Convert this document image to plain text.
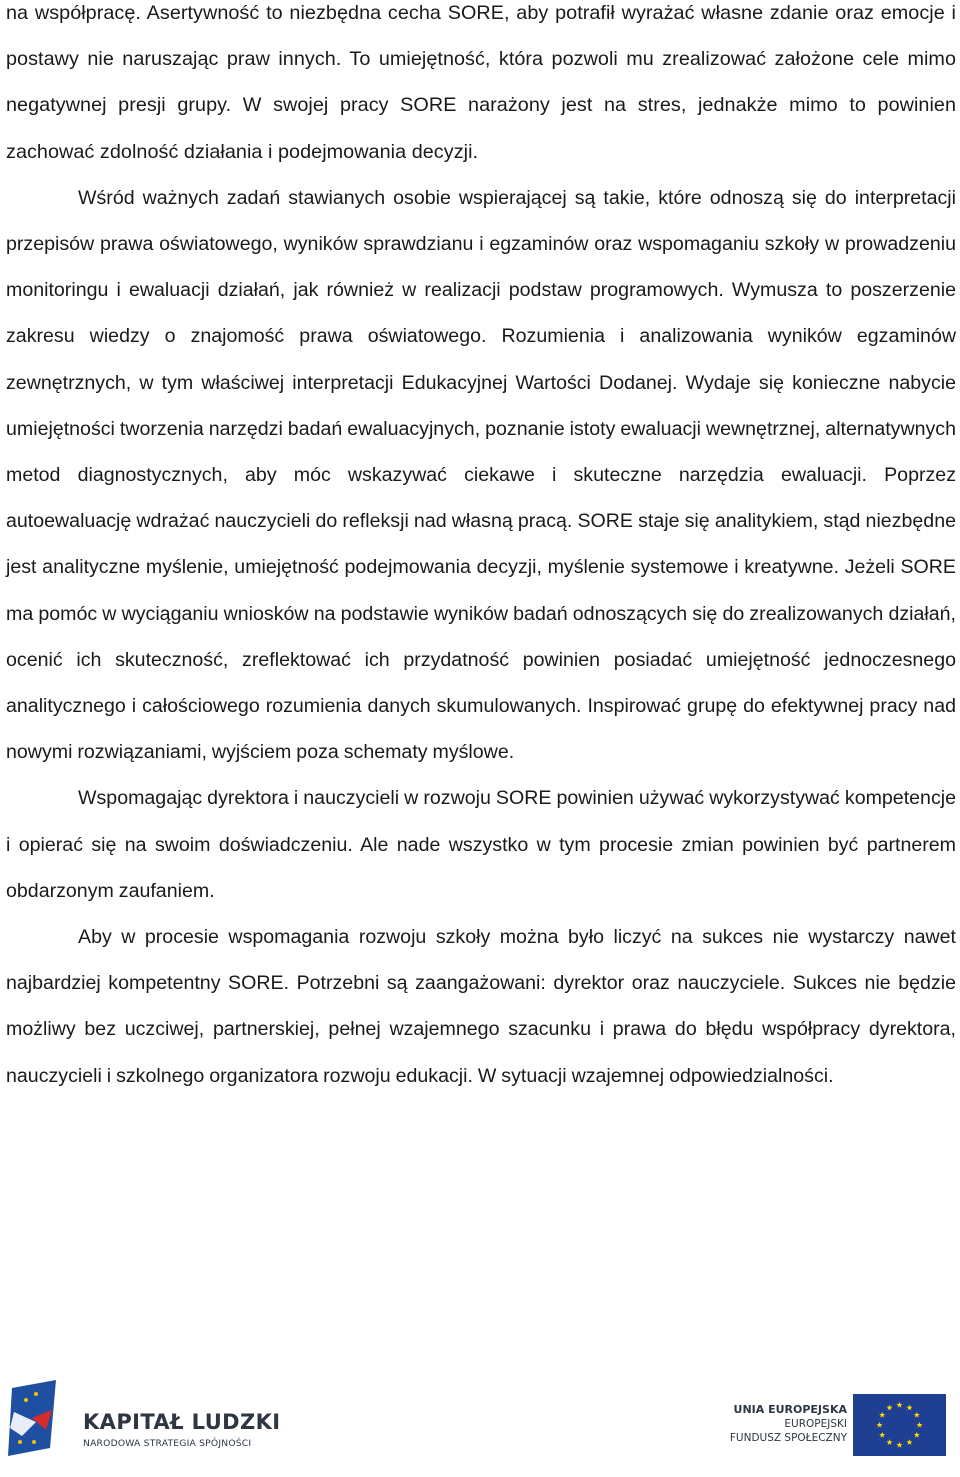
na współpracę. Asertywność to niezbędna cecha SORE, aby potrafił wyrażać własne zdanie oraz emocje i postawy nie naruszając praw innych. To umiejętność, która pozwoli mu zrealizować założone cele mimo negatywnej presji grupy. W swojej pracy SORE narażony jest na stres, jednakże mimo to powinien zachować zdolność działania i podejmowania decyzji.

Wśród ważnych zadań stawianych osobie wspierającej są takie, które odnoszą się do interpretacji przepisów prawa oświatowego, wyników sprawdzianu i egzaminów oraz wspomaganiu szkoły w prowadzeniu monitoringu i ewaluacji działań, jak również w realizacji podstaw programowych. Wymusza to poszerzenie zakresu wiedzy o znajomość prawa oświatowego. Rozumienia i analizowania wyników egzaminów zewnętrznych, w tym właściwej interpretacji Edukacyjnej Wartości Dodanej. Wydaje się konieczne nabycie umiejętności tworzenia narzędzi badań ewaluacyjnych, poznanie istoty ewaluacji wewnętrznej, alternatywnych metod diagnostycznych, aby móc wskazywać ciekawe i skuteczne narzędzia ewaluacji. Poprzez autoewaluację wdrażać nauczycieli do refleksji nad własną pracą. SORE staje się analitykiem, stąd niezbędne jest analityczne myślenie, umiejętność podejmowania decyzji, myślenie systemowe i kreatywne. Jeżeli SORE ma pomóc w wyciąganiu wniosków na podstawie wyników badań odnoszących się do zrealizowanych działań, ocenić ich skuteczność, zreflektować ich przydatność powinien posiadać umiejętność jednoczesnego analitycznego i całościowego rozumienia danych skumulowanych. Inspirować grupę do efektywnej pracy nad nowymi rozwiązaniami, wyjściem poza schematy myślowe.

Wspomagając dyrektora i nauczycieli w rozwoju SORE powinien używać wykorzystywać kompetencje i opierać się na swoim doświadczeniu. Ale nade wszystko w tym procesie zmian powinien być partnerem obdarzonym zaufaniem.

Aby w procesie wspomagania rozwoju szkoły można było liczyć na sukces nie wystarczy nawet najbardziej kompetentny SORE. Potrzebni są zaangażowani: dyrektor oraz nauczyciele. Sukces nie będzie możliwy bez uczciwej, partnerskiej, pełnej wzajemnego szacunku i prawa do błędu współpracy dyrektora, nauczycieli i szkolnego organizatora rozwoju edukacji. W sytuacji wzajemnej odpowiedzialności.

KAPITAŁ LUDZKI
NARODOWA STRATEGIA SPÓJNOŚCI
UNIA EUROPEJSKA
EUROPEJSKI
FUNDUSZ SPOŁECZNY
